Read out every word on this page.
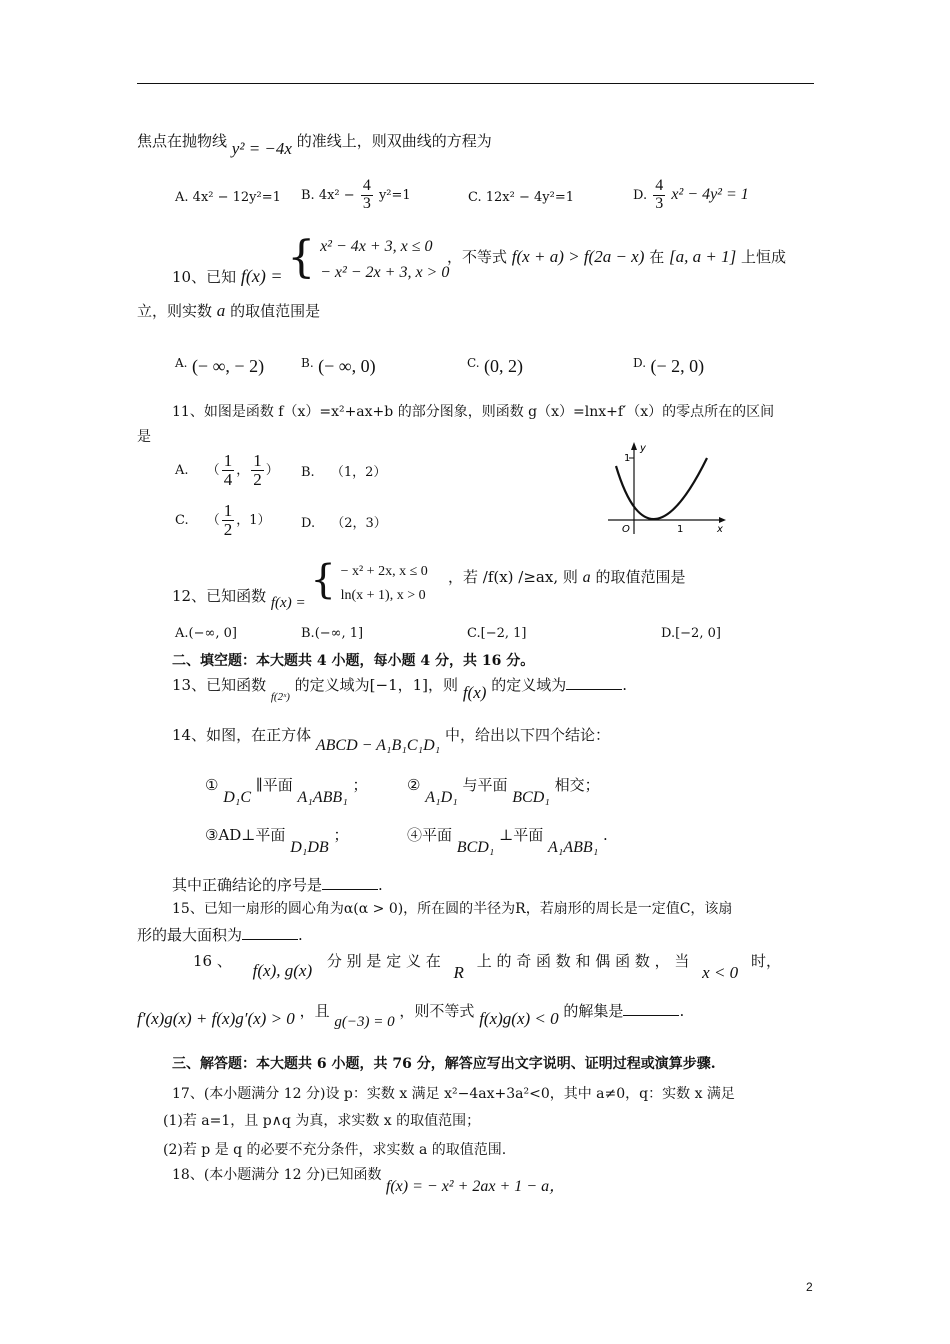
焦点在抛物线 y² = −4x 的准线上，则双曲线的方程为
A. 4x² − 12y²=1 B. $4x^2 - \frac{4}{3} y^2=1$	C. 12x² − 4y²=1	D. $\frac{4}{3} x^2 - 4y^2 = 1$
10、已知 f(x) = { x² − 4x + 3, x ≤ 0
− x² − 2x + 3, x > 0
，不等式 f(x + a) > f(2a − x) 在 [a, a + 1] 上恒成
立，则实数 a 的取值范围是
A. (− ∞, − 2)	B. (− ∞, 0)	C. (0, 2)	D. (− 2, 0)
11、如图是函数 f（x）=x²+ax+b 的部分图象，则函数 g（x）=lnx+f′（x）的零点所在的区间
是
A. （ $\frac{1}{4}$ ， $\frac{1}{2}$ ） B. （1，2）
C. （ $\frac{1}{2}$ ，1） D. （2，3）
y
x
O	1
1
12、已知函数 f(x) = { − x² + 2x, x ≤ 0
ln(x + 1), x > 0
，若 /f(x) /≥ax, 则 a 的取值范围是
A.(−∞, 0]	B.(−∞, 1]	C.[−2, 1]	D.[−2, 0]
二、填空题：本大题共 4 小题，每小题 4 分，共 16 分。
13、已知函数 $_{f(2ˣ)}$ 的定义域为[−1，1]，则 f(x) 的定义域为	.
14、如图，在正方体 ABCD − A₁B₁C₁D₁ 中，给出以下四个结论：
① D₁C ∥平面 A₁ABB₁ ；	② A₁D₁ 与平面 BCD₁ 相交；
③AD⊥平面 D₁DB ；	④平面 BCD₁ ⊥平面 A₁ABB₁ .
其中正确结论的序号是	.
15、已知一扇形的圆心角为α(α > 0)，所在圆的半径为R，若扇形的周长是一定值C，该扇
形的最大面积为	.
16 、 f(x), g(x) 分 别 是 定 义 在 R 上 的 奇 函 数 和 偶 函 数 ， 当 x < 0 时，
f′(x)g(x) + f(x)g′(x) > 0 ，且 g(−3) = 0 ，则不等式 f(x)g(x) < 0 的解集是	.
三、解答题：本大题共 6 小题，共 76 分，解答应写出文字说明、证明过程或演算步骤.
17、(本小题满分 12 分)设 p：实数 x 满足 x²−4ax+3a²<0，其中 a≠0，q：实数 x 满足
(1)若 a=1，且 p∧q 为真，求实数 x 的取值范围；
(2)若 p 是 q 的必要不充分条件，求实数 a 的取值范围.
18、(本小题满分 12 分)已知函数 f(x) = − x² + 2ax + 1 − a，
2
